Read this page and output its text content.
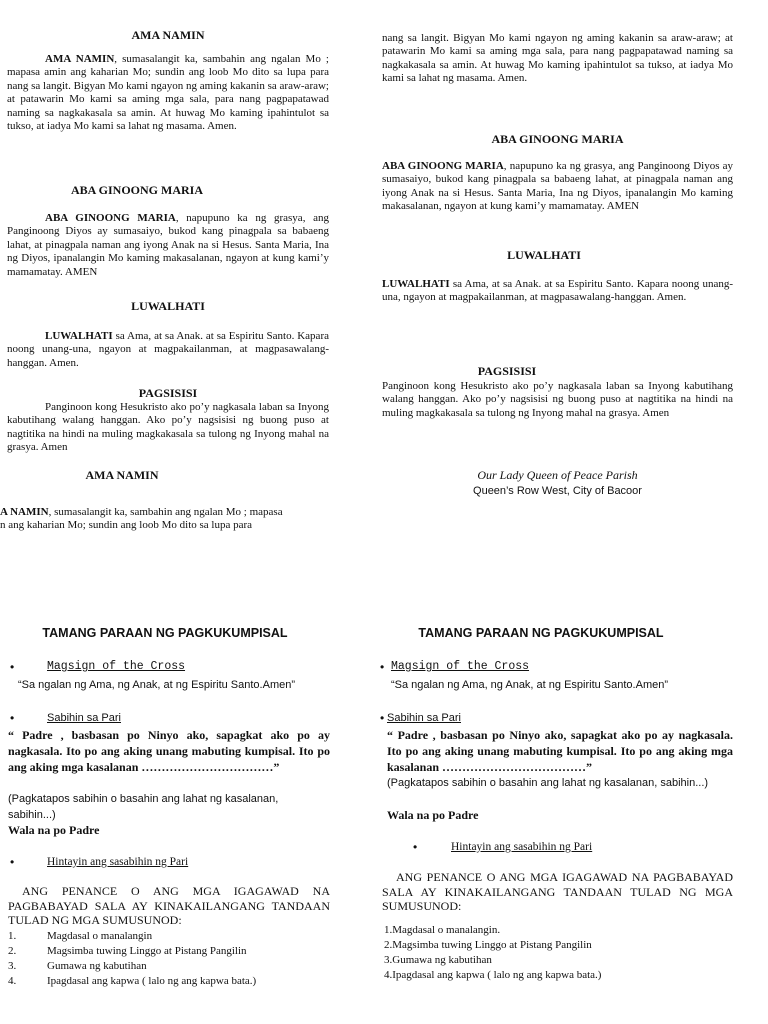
AMA NAMIN

AMA NAMIN, sumasalangit ka, sambahin ang ngalan Mo ; mapasa amin ang kaharian Mo; sundin ang loob Mo dito sa lupa para nang sa langit. Bigyan Mo kami ngayon ng aming kakanin sa araw-araw; at patawarin Mo kami sa aming mga sala, para nang pagpapatawad naming sa nagkakasala sa amin. At huwag Mo kaming ipahintulot sa tukso, at iadya Mo kami sa lahat ng masama. Amen.

ABA GINOONG MARIA

ABA GINOONG MARIA, napupuno ka ng grasya, ang Panginoong Diyos ay sumasaiyo, bukod kang pinagpala sa babaeng lahat, at pinagpala naman ang iyong Anak na si Hesus. Santa Maria, Ina ng Diyos, ipanalangin Mo kaming makasalanan, ngayon at kung kami’y mamamatay. AMEN

LUWALHATI

LUWALHATI sa Ama, at sa Anak. at sa Espiritu Santo. Kapara noong unang-una, ngayon at magpakailanman, at magpasawalang-hanggan. Amen.

PAGSISISI

Panginoon kong Hesukristo ako po’y nagkasala laban sa Inyong kabutihang walang hanggan. Ako po’y nagsisisi ng buong puso at nagtitika na hindi na muling magkakasala sa tulong ng Inyong mahal na grasya. Amen

AMA NAMIN
A NAMIN, sumasalangit ka, sambahin ang ngalan Mo ; mapasa
n ang kaharian Mo; sundin ang loob Mo dito sa lupa para

nang sa langit. Bigyan Mo kami ngayon ng aming kakanin sa araw-araw; at patawarin Mo kami sa aming mga sala, para nang pagpapatawad naming sa nagkakasala sa amin. At huwag Mo kaming ipahintulot sa tukso, at iadya Mo kami sa lahat ng masama. Amen.

ABA GINOONG MARIA

ABA GINOONG MARIA, napupuno ka ng grasya, ang Panginoong Diyos ay sumasaiyo, bukod kang pinagpala sa babaeng lahat, at pinagpala naman ang iyong Anak na si Hesus. Santa Maria, Ina ng Diyos, ipanalangin Mo kaming makasalanan, ngayon at kung kami’y mamamatay. AMEN

LUWALHATI

LUWALHATI sa Ama, at sa Anak. at sa Espiritu Santo. Kapara noong unang-una, ngayon at magpakailanman, at magpasawalang-hanggan. Amen.

PAGSISISI

Panginoon kong Hesukristo ako po’y nagkasala laban sa Inyong kabutihang walang hanggan. Ako po’y nagsisisi ng buong puso at nagtitika na hindi na muling magkakasala sa tulong ng Inyong mahal na grasya. Amen

Our Lady Queen of Peace Parish
Queen’s Row West, City of Bacoor
TAMANG PARAAN NG PAGKUKUMPISAL
•	Magsign of the Cross
“Sa ngalan ng Ama, ng Anak, at ng Espiritu Santo.Amen”
•	Sabihin sa Pari

“ Padre , basbasan po Ninyo ako, sapagkat ako po ay nagkasala. Ito po ang aking unang mabuting kumpisal. Ito po ang aking mga kasalanan ……………………………”

(Pagkatapos sabihin o basahin ang lahat ng kasalanan, sabihin...)
Wala na po Padre
•	Hintayin ang sasabihin ng Pari

ANG PENANCE O ANG MGA IGAGAWAD NA PAGBABAYAD SALA AY KINAKAILANGANG TANDAAN TULAD NG MGA SUMUSUNOD:

1.	Magdasal o manalangin
2.	Magsimba tuwing Linggo at Pistang Pangilin
3.	Gumawa ng kabutihan
4.	Ipagdasal ang kapwa ( lalo ng ang kapwa bata.)
TAMANG PARAAN NG PAGKUKUMPISAL
• Magsign of the Cross
“Sa ngalan ng Ama, ng Anak, at ng Espiritu Santo.Amen”
• Sabihin sa Pari

“ Padre , basbasan po Ninyo ako, sapagkat ako po ay nagkasala. Ito po ang aking unang mabuting kumpisal. Ito po ang aking mga kasalanan ………………………………”

(Pagkatapos sabihin o basahin ang lahat ng kasalanan, sabihin...)
Wala na po Padre
•	Hintayin ang sasabihin ng Pari

ANG PENANCE O ANG MGA IGAGAWAD NA PAGBABAYAD SALA AY KINAKAILANGANG TANDAAN TULAD NG MGA SUMUSUNOD:

1.Magdasal o manalangin.
2.Magsimba tuwing Linggo at Pistang Pangilin
3.Gumawa ng kabutihan
4.Ipagdasal ang kapwa ( lalo ng ang kapwa bata.)
